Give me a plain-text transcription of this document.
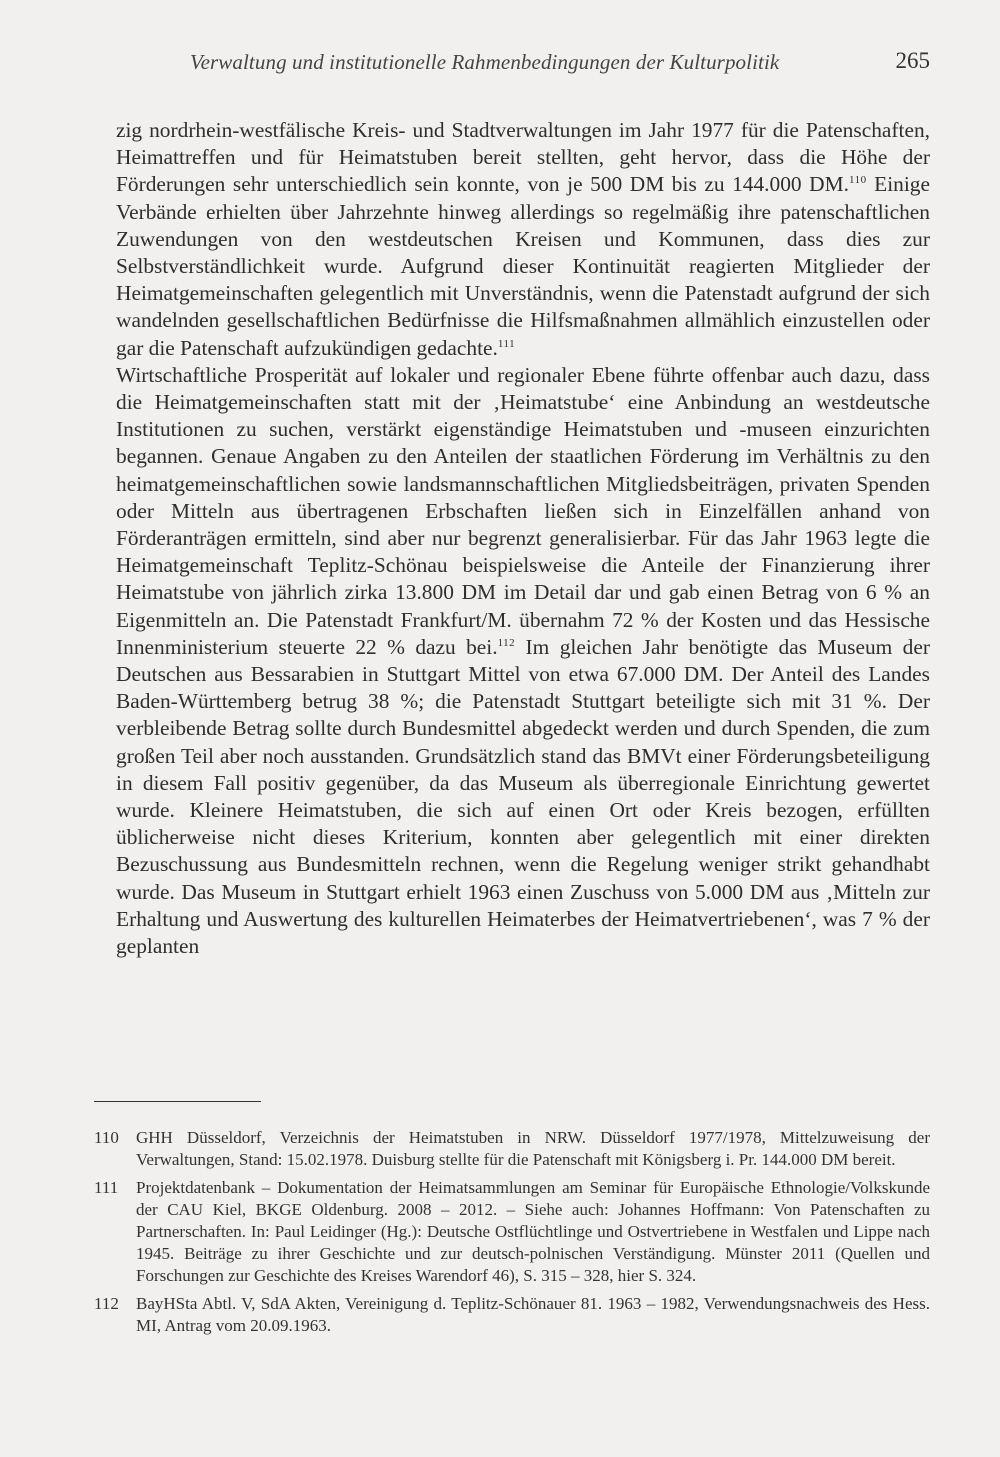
Verwaltung und institutionelle Rahmenbedingungen der Kulturpolitik	265

zig nordrhein-westfälische Kreis- und Stadtverwaltungen im Jahr 1977 für die Patenschaften, Heimattreffen und für Heimatstuben bereit stellten, geht hervor, dass die Höhe der Förderungen sehr unterschiedlich sein konnte, von je 500 DM bis zu 144.000 DM.$^{110}$ Einige Verbände erhielten über Jahrzehnte hinweg allerdings so regelmäßig ihre patenschaftlichen Zuwendungen von den westdeutschen Kreisen und Kommunen, dass dies zur Selbstverständlichkeit wurde. Aufgrund dieser Kontinuität reagierten Mitglieder der Heimatgemeinschaften gelegentlich mit Unverständnis, wenn die Patenstadt aufgrund der sich wandelnden gesellschaftlichen Bedürfnisse die Hilfsmaßnahmen allmählich einzustellen oder gar die Patenschaft aufzukündigen gedachte.$^{111}$

Wirtschaftliche Prosperität auf lokaler und regionaler Ebene führte offenbar auch dazu, dass die Heimatgemeinschaften statt mit der ‚Heimatstube‘ eine Anbindung an westdeutsche Institutionen zu suchen, verstärkt eigenständige Heimatstuben und -museen einzurichten begannen. Genaue Angaben zu den Anteilen der staatlichen Förderung im Verhältnis zu den heimatgemeinschaftlichen sowie landsmannschaftlichen Mitgliedsbeiträgen, privaten Spenden oder Mitteln aus übertragenen Erbschaften ließen sich in Einzelfällen anhand von Förderanträgen ermitteln, sind aber nur begrenzt generalisierbar. Für das Jahr 1963 legte die Heimatgemeinschaft Teplitz-Schönau beispielsweise die Anteile der Finanzierung ihrer Heimatstube von jährlich zirka 13.800 DM im Detail dar und gab einen Betrag von 6 % an Eigenmitteln an. Die Patenstadt Frankfurt/M. übernahm 72 % der Kosten und das Hessische Innenministerium steuerte 22 % dazu bei.$^{112}$ Im gleichen Jahr benötigte das Museum der Deutschen aus Bessarabien in Stuttgart Mittel von etwa 67.000 DM. Der Anteil des Landes Baden-Württemberg betrug 38 %; die Patenstadt Stuttgart beteiligte sich mit 31 %. Der verbleibende Betrag sollte durch Bundesmittel abgedeckt werden und durch Spenden, die zum großen Teil aber noch ausstanden. Grundsätzlich stand das BMVt einer Förderungsbeteiligung in diesem Fall positiv gegenüber, da das Museum als überregionale Einrichtung gewertet wurde. Kleinere Heimatstuben, die sich auf einen Ort oder Kreis bezogen, erfüllten üblicherweise nicht dieses Kriterium, konnten aber gelegentlich mit einer direkten Bezuschussung aus Bundesmitteln rechnen, wenn die Regelung weniger strikt gehandhabt wurde. Das Museum in Stuttgart erhielt 1963 einen Zuschuss von 5.000 DM aus ‚Mitteln zur Erhaltung und Auswertung des kulturellen Heimaterbes der Heimatvertriebenen‘, was 7 % der geplanten

110 GHH Düsseldorf, Verzeichnis der Heimatstuben in NRW. Düsseldorf 1977/1978, Mittelzuweisung der Verwaltungen, Stand: 15.02.1978. Duisburg stellte für die Patenschaft mit Königsberg i. Pr. 144.000 DM bereit.
111 Projektdatenbank – Dokumentation der Heimatsammlungen am Seminar für Europäische Ethnologie/Volkskunde der CAU Kiel, BKGE Oldenburg. 2008 – 2012. – Siehe auch: Johannes Hoffmann: Von Patenschaften zu Partnerschaften. In: Paul Leidinger (Hg.): Deutsche Ostflüchtlinge und Ostvertriebene in Westfalen und Lippe nach 1945. Beiträge zu ihrer Geschichte und zur deutsch-polnischen Verständigung. Münster 2011 (Quellen und Forschungen zur Geschichte des Kreises Warendorf 46), S. 315 – 328, hier S. 324.
112 BayHSta Abtl. V, SdA Akten, Vereinigung d. Teplitz-Schönauer 81. 1963 – 1982, Verwendungsnachweis des Hess. MI, Antrag vom 20.09.1963.
